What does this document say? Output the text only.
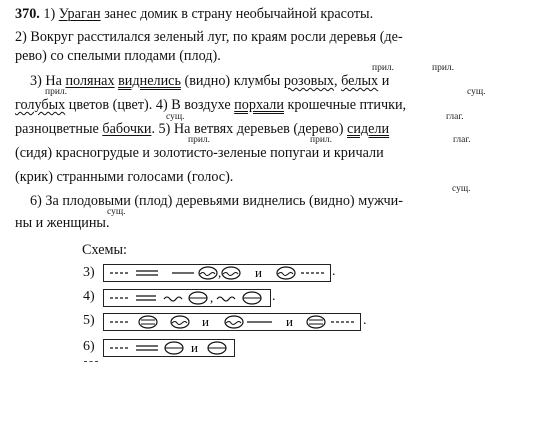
370. 1) Ураган занес домик в страну необычайной красоты.
2) Вокруг расстилался зеленый луг, по краям росли деревья (де-
рево) со спелыми плодами (плод).
прил.	прил.
3) На полянах виднелись (видно) клумбы розовых, белых и
прил.	сущ.
голубых цветов (цвет). 4) В воздухе порхали крошечные птички,
сущ.	глаг.
разноцветные бабочки. 5) На ветвях деревьев (дерево) сидели
прил.	прил.	глаг.
(сидя) красногрудые и золотисто-зеленые попугаи и кричали
(крик) странными голосами (голос).
сущ.
6) За плодовыми (плод) деревьями виднелись (видно) мужчи-
сущ.
ны и женщины.
Схемы:
3)	,	и	.
4)	,	.
5)	и	и	.
6)	и
